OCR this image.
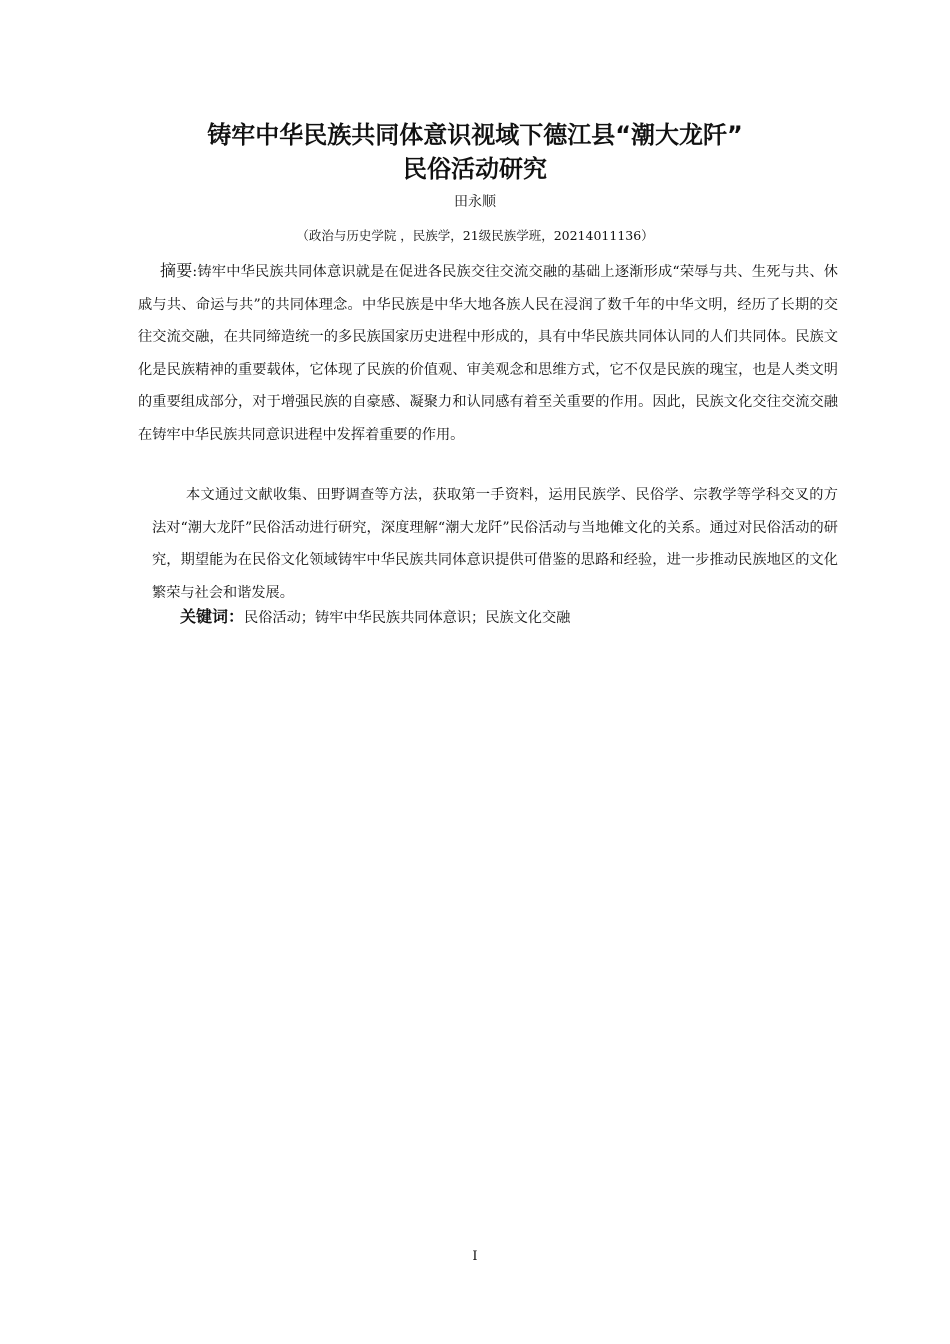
铸牢中华民族共同体意识视域下德江县“潮大龙阡”
民俗活动研究
田永顺
（政治与历史学院 ，民族学，21级民族学班，20214011136）

摘要:铸牢中华民族共同体意识就是在促进各民族交往交流交融的基础上逐渐形成“荣辱与共、生死与共、休戚与共、命运与共”的共同体理念。中华民族是中华大地各族人民在浸润了数千年的中华文明，经历了长期的交往交流交融，在共同缔造统一的多民族国家历史进程中形成的，具有中华民族共同体认同的人们共同体。民族文化是民族精神的重要载体，它体现了民族的价值观、审美观念和思维方式，它不仅是民族的瑰宝，也是人类文明的重要组成部分，对于增强民族的自豪感、凝聚力和认同感有着至关重要的作用。因此，民族文化交往交流交融在铸牢中华民族共同意识进程中发挥着重要的作用。

本文通过文献收集、田野调查等方法，获取第一手资料，运用民族学、民俗学、宗教学等学科交叉的方法对“潮大龙阡”民俗活动进行研究，深度理解“潮大龙阡”民俗活动与当地傩文化的关系。通过对民俗活动的研究，期望能为在民俗文化领域铸牢中华民族共同体意识提供可借鉴的思路和经验，进一步推动民族地区的文化繁荣与社会和谐发展。

关键词：民俗活动；铸牢中华民族共同体意识；民族文化交融

I
